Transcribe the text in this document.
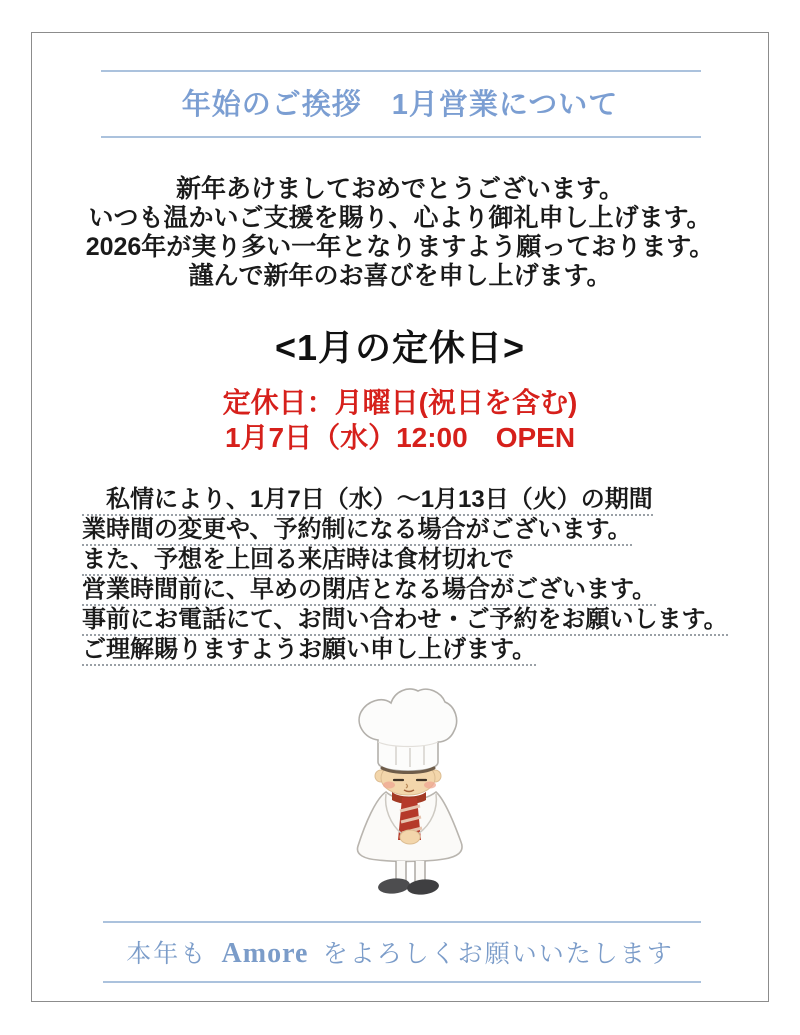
年始のご挨拶　1月営業について
新年あけましておめでとうございます。
いつも温かいご支援を賜り、心より御礼申し上げます。
2026年が実り多い一年となりますよう願っております。
謹んで新年のお喜びを申し上げます。
<1月の定休日>
定休日：月曜日(祝日を含む)
1月7日（水）12:00　OPEN
　私情により、1月7日（水）～1月13日（火）の期間
業時間の変更や、予約制になる場合がございます。
また、予想を上回る来店時は食材切れで
営業時間前に、早めの閉店となる場合がございます。
事前にお電話にて、お問い合わせ・ご予約をお願いします。
ご理解賜りますようお願い申し上げます。
本年も Amore をよろしくお願いいたします
